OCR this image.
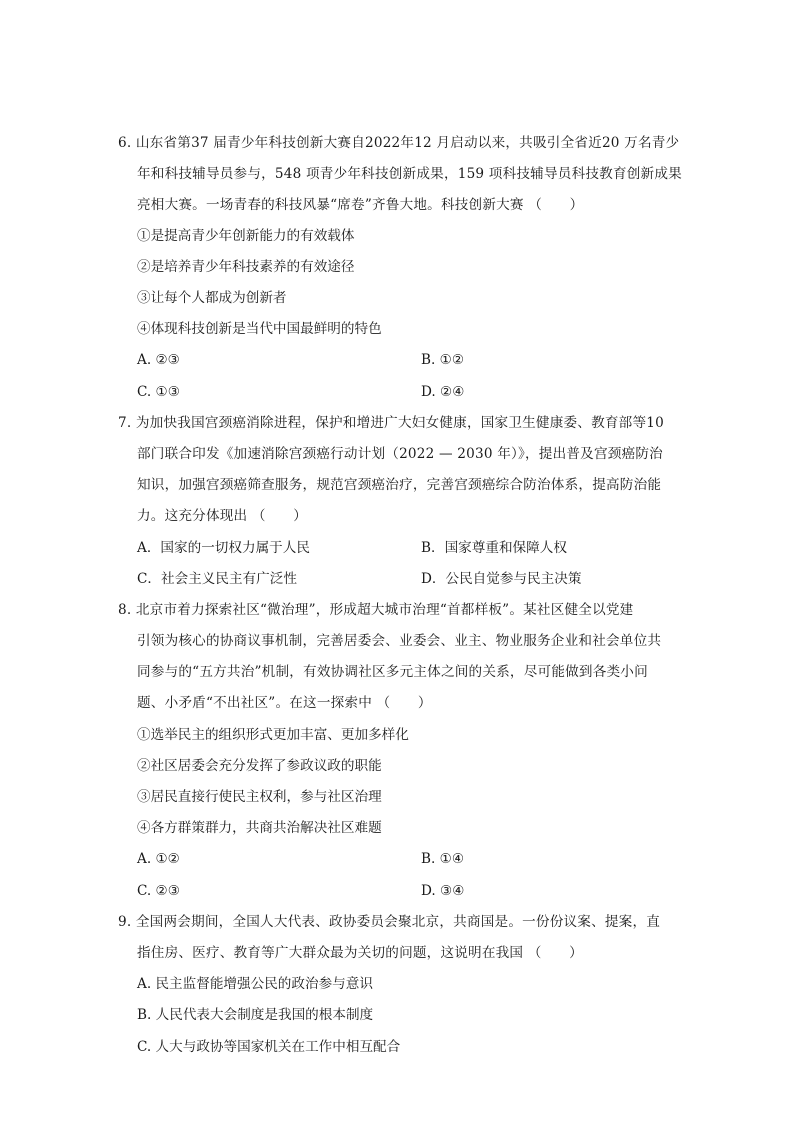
6. 山东省第37 届青少年科技创新大赛自2022年12 月启动以来，共吸引全省近20 万名青少
年和科技辅导员参与，548 项青少年科技创新成果，159 项科技辅导员科技教育创新成果
亮相大赛。一场青春的科技风暴“席卷”齐鲁大地。科技创新大赛 （　　）
①是提高青少年创新能力的有效载体
②是培养青少年科技素养的有效途径
③让每个人都成为创新者
④体现科技创新是当代中国最鲜明的特色
A. ②③	B. ①②
C. ①③	D. ②④
7. 为加快我国宫颈癌消除进程，保护和增进广大妇女健康，国家卫生健康委、教育部等10
部门联合印发《加速消除宫颈癌行动计划（2022 — 2030 年）》，提出普及宫颈癌防治
知识，加强宫颈癌筛查服务，规范宫颈癌治疗，完善宫颈癌综合防治体系，提高防治能
力。这充分体现出 （　　）
A．国家的一切权力属于人民	B．国家尊重和保障人权
C．社会主义民主有广泛性	D．公民自觉参与民主决策
8. 北京市着力探索社区“微治理”，形成超大城市治理“首都样板”。某社区健全以党建
引领为核心的协商议事机制，完善居委会、业委会、业主、物业服务企业和社会单位共
同参与的“五方共治”机制，有效协调社区多元主体之间的关系，尽可能做到各类小问
题、小矛盾“不出社区”。在这一探索中 （　　）
①选举民主的组织形式更加丰富、更加多样化
②社区居委会充分发挥了参政议政的职能
③居民直接行使民主权利，参与社区治理
④各方群策群力，共商共治解决社区难题
A. ①②	B. ①④
C. ②③	D. ③④
9. 全国两会期间，全国人大代表、政协委员会聚北京，共商国是。一份份议案、提案，直
指住房、医疗、教育等广大群众最为关切的问题，这说明在我国 （　　）
A. 民主监督能增强公民的政治参与意识
B. 人民代表大会制度是我国的根本制度
C. 人大与政协等国家机关在工作中相互配合
